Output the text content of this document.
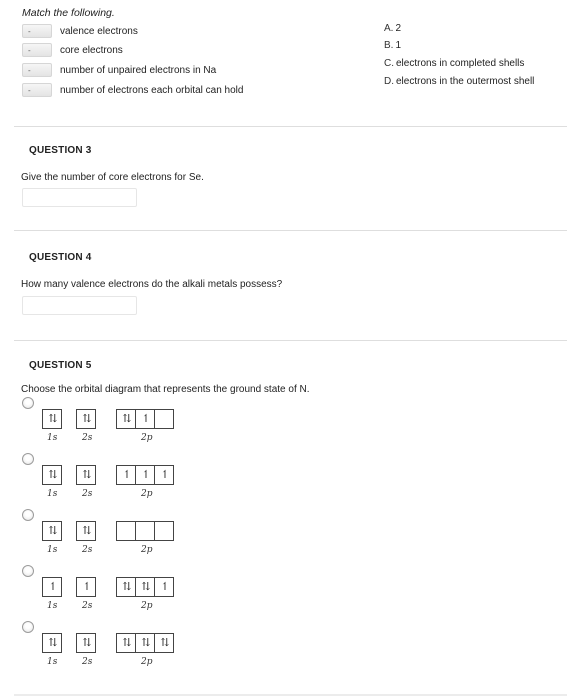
Match the following.
-	valence electrons
-	core electrons
-	number of unpaired electrons in Na
-	number of electrons each orbital can hold
A. 2
B. 1
C. electrons in completed shells
D. electrons in the outermost shell
QUESTION 3
Give the number of core electrons for Se.
QUESTION 4
How many valence electrons do the alkali metals possess?
QUESTION 5
Choose the orbital diagram that represents the ground state of N.
⇅
1s
⇅
2s
⇅	↿
2p
⇅
1s
⇅
2s
↿	↿	↿
2p
⇅
1s
⇅
2s	2p
↿
1s
↿
2s
⇅	⇅	↿
2p
⇅
1s
⇅
2s
⇅	⇅	⇅
2p
